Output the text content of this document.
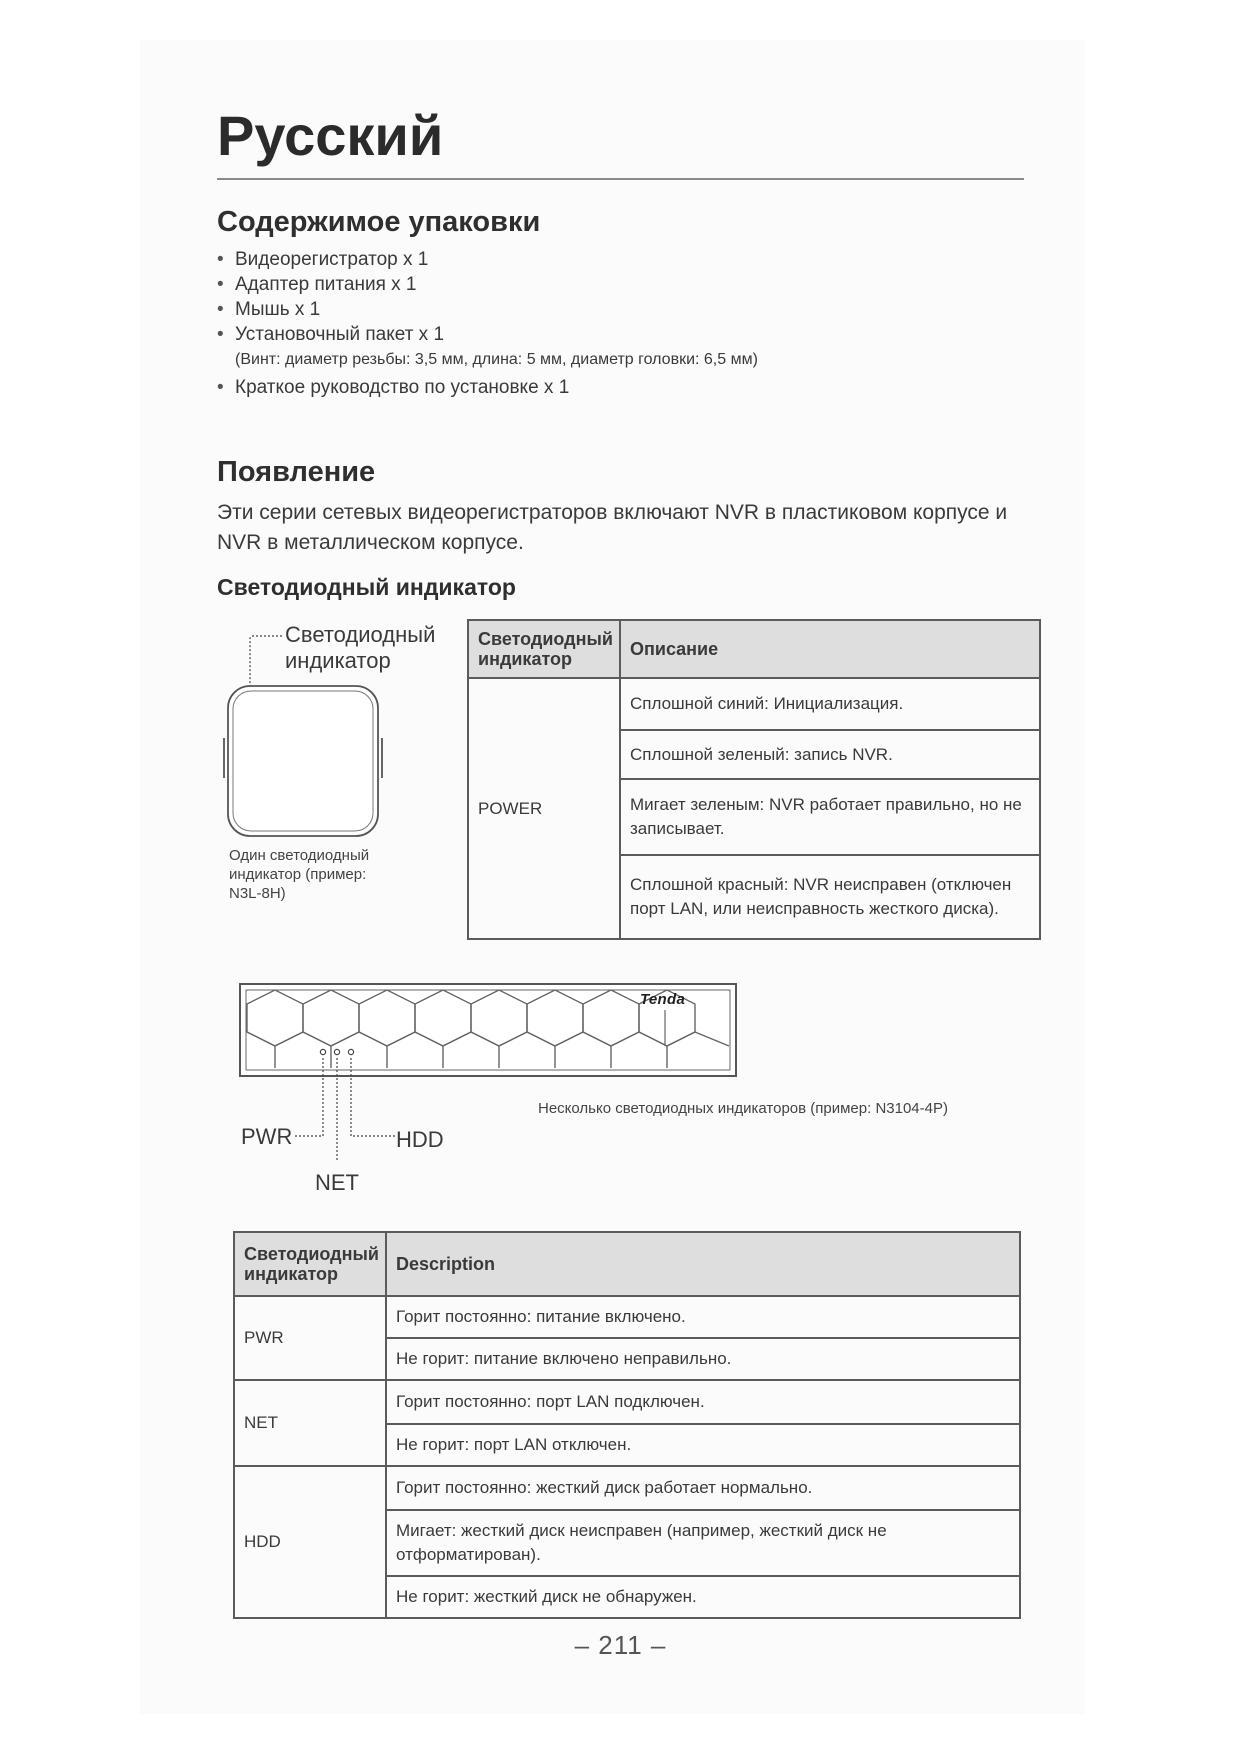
Русский
Содержимое упаковки
• Видеорегистратор x 1
• Адаптер питания x 1
• Мышь x 1
• Установочный пакет x 1
(Винт: диаметр резьбы: 3,5 мм, длина: 5 мм, диаметр головки: 6,5 мм)
• Краткое руководство по установке x 1
Появление

Эти серии сетевых видеорегистраторов включают NVR в пластиковом корпусе и NVR в металлическом корпусе.

Светодиодный индикатор
Светодиодный
индикатор
Один светодиодный
индикатор (пример:
N3L-8H)
Светодиодный
индикатор	Описание
POWER	Сплошной синий: Инициализация.
	Сплошной зеленый: запись NVR.
	Мигает зеленым: NVR работает правильно, но не записывает.
	Сплошной красный: NVR неисправен (отключен порт LAN, или неисправность жесткого диска).
Tenda
Несколько светодиодных индикаторов (пример: N3104-4P)
PWR	HDD
NET
Светодиодный
индикатор	Description
PWR	Горит постоянно: питание включено.
	Не горит: питание включено неправильно.
NET	Горит постоянно: порт LAN подключен.
	Не горит: порт LAN отключен.
HDD	Горит постоянно: жесткий диск работает нормально.
	Мигает: жесткий диск неисправен (например, жесткий диск не отформатирован).
	Не горит: жесткий диск не обнаружен.
– 211 –
